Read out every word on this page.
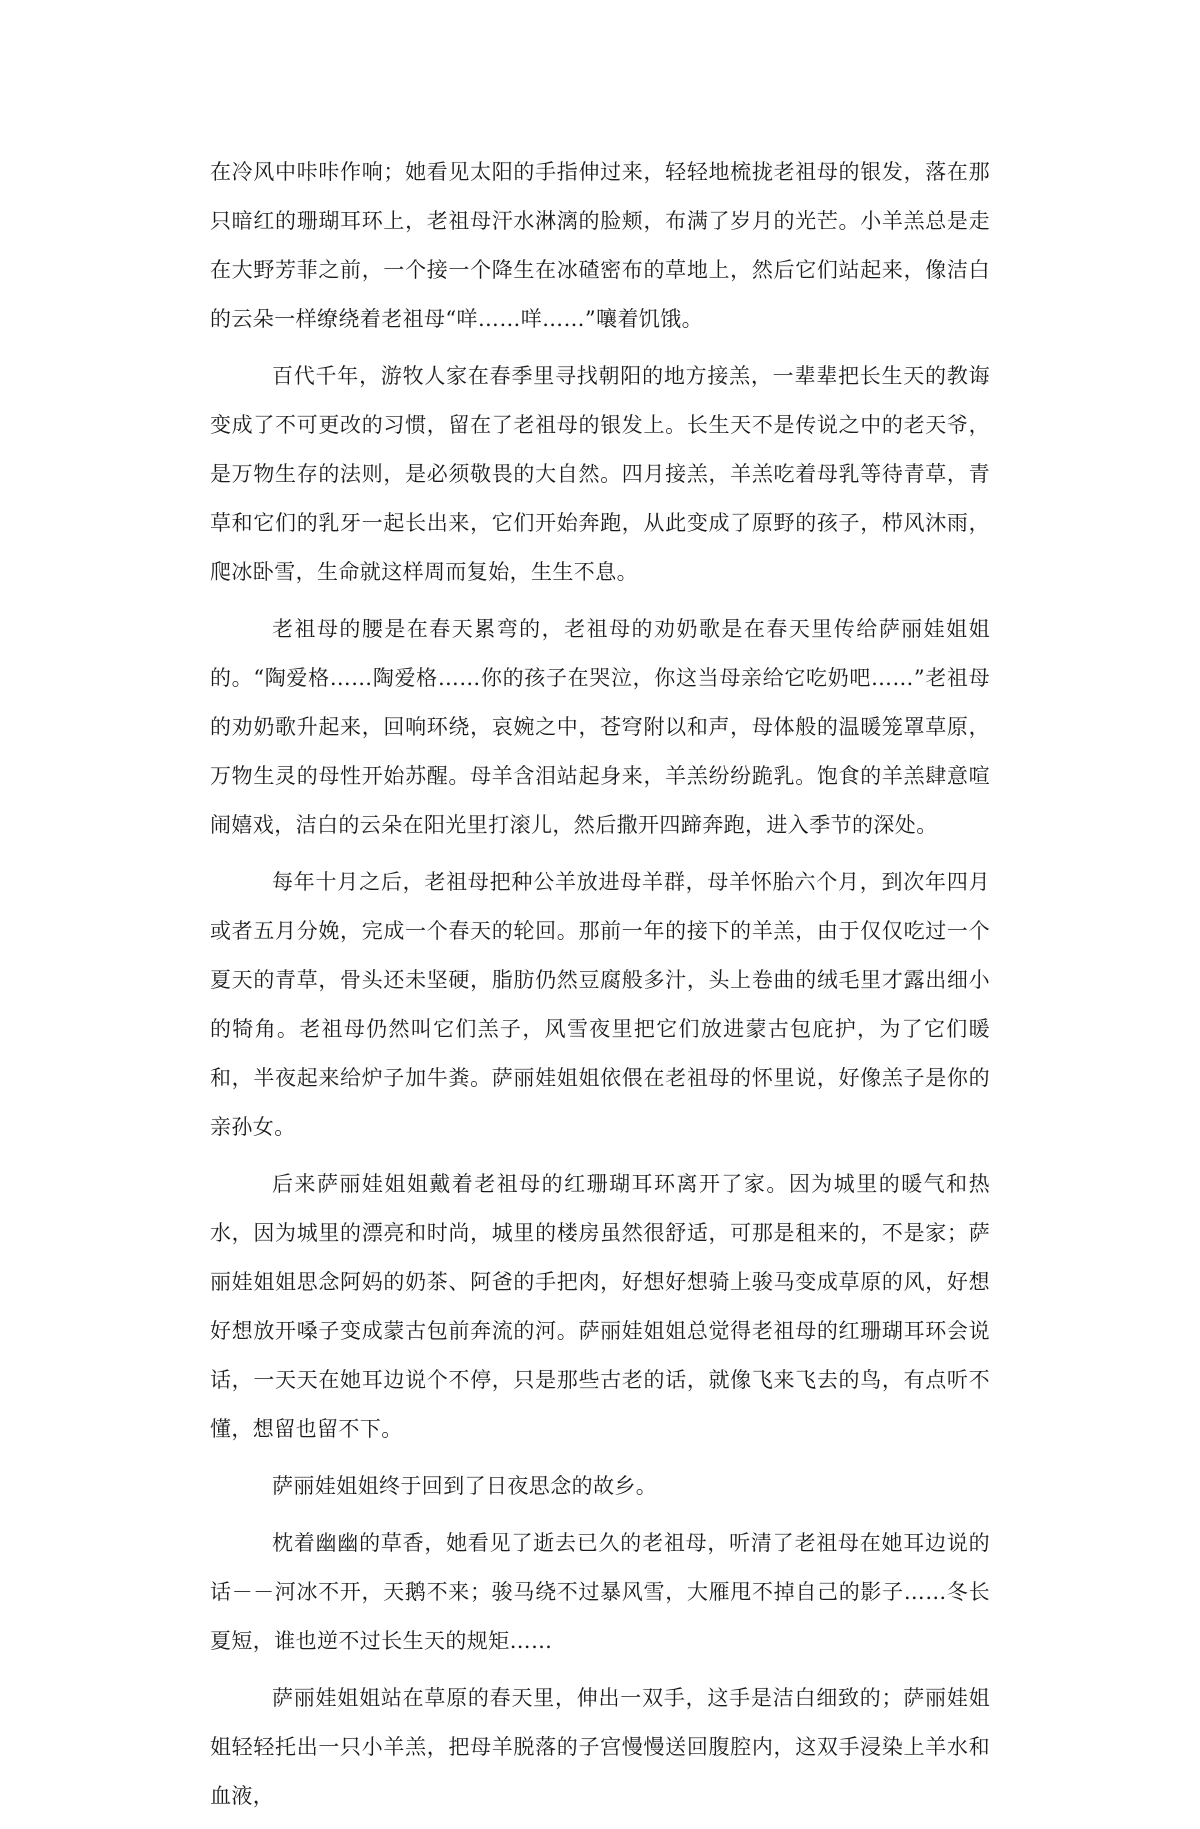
在冷风中咔咔作响；她看见太阳的手指伸过来，轻轻地梳拢老祖母的银发，落在那只暗红的珊瑚耳环上，老祖母汗水淋漓的脸颊，布满了岁月的光芒。小羊羔总是走在大野芳菲之前，一个接一个降生在冰碴密布的草地上，然后它们站起来，像洁白的云朵一样缭绕着老祖母“咩……咩……”嚷着饥饿。

百代千年，游牧人家在春季里寻找朝阳的地方接羔，一辈辈把长生天的教诲变成了不可更改的习惯，留在了老祖母的银发上。长生天不是传说之中的老天爷，是万物生存的法则，是必须敬畏的大自然。四月接羔，羊羔吃着母乳等待青草，青草和它们的乳牙一起长出来，它们开始奔跑，从此变成了原野的孩子，栉风沐雨，爬冰卧雪，生命就这样周而复始，生生不息。

老祖母的腰是在春天累弯的，老祖母的劝奶歌是在春天里传给萨丽娃姐姐的。“陶爱格……陶爱格……你的孩子在哭泣，你这当母亲给它吃奶吧……”老祖母的劝奶歌升起来，回响环绕，哀婉之中，苍穹附以和声，母体般的温暖笼罩草原，万物生灵的母性开始苏醒。母羊含泪站起身来，羊羔纷纷跪乳。饱食的羊羔肆意喧闹嬉戏，洁白的云朵在阳光里打滚儿，然后撒开四蹄奔跑，进入季节的深处。

每年十月之后，老祖母把种公羊放进母羊群，母羊怀胎六个月，到次年四月或者五月分娩，完成一个春天的轮回。那前一年的接下的羊羔，由于仅仅吃过一个夏天的青草，骨头还未坚硬，脂肪仍然豆腐般多汁，头上卷曲的绒毛里才露出细小的犄角。老祖母仍然叫它们羔子，风雪夜里把它们放进蒙古包庇护，为了它们暖和，半夜起来给炉子加牛粪。萨丽娃姐姐依偎在老祖母的怀里说，好像羔子是你的亲孙女。

后来萨丽娃姐姐戴着老祖母的红珊瑚耳环离开了家。因为城里的暖气和热水，因为城里的漂亮和时尚，城里的楼房虽然很舒适，可那是租来的，不是家；萨丽娃姐姐思念阿妈的奶茶、阿爸的手把肉，好想好想骑上骏马变成草原的风，好想好想放开嗓子变成蒙古包前奔流的河。萨丽娃姐姐总觉得老祖母的红珊瑚耳环会说话，一天天在她耳边说个不停，只是那些古老的话，就像飞来飞去的鸟，有点听不懂，想留也留不下。

萨丽娃姐姐终于回到了日夜思念的故乡。

枕着幽幽的草香，她看见了逝去已久的老祖母，听清了老祖母在她耳边说的话－－河冰不开，天鹅不来；骏马绕不过暴风雪，大雁甩不掉自己的影子……冬长夏短，谁也逆不过长生天的规矩……

萨丽娃姐姐站在草原的春天里，伸出一双手，这手是洁白细致的；萨丽娃姐姐轻轻托出一只小羊羔，把母羊脱落的子宫慢慢送回腹腔内，这双手浸染上羊水和血液，
